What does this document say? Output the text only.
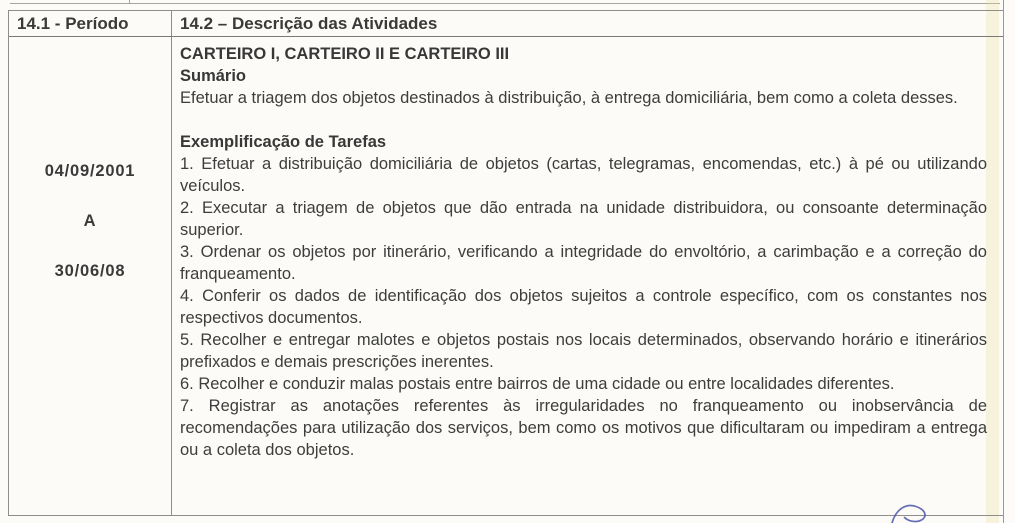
14.1 - Período	14.2 – Descrição das Atividades
04/09/2001
A
30/06/08

CARTEIRO I, CARTEIRO II E CARTEIRO III

Sumário

Efetuar a triagem dos objetos destinados à distribuição, à entrega domiciliária, bem como a coleta desses.

Exemplificação de Tarefas

1. Efetuar a distribuição domiciliária de objetos (cartas, telegramas, encomendas, etc.) à pé ou utilizando veículos.

2. Executar a triagem de objetos que dão entrada na unidade distribuidora, ou consoante determinação superior.

3. Ordenar os objetos por itinerário, verificando a integridade do envoltório, a carimbação e a correção do franqueamento.

4. Conferir os dados de identificação dos objetos sujeitos a controle específico, com os constantes nos respectivos documentos.

5. Recolher e entregar malotes e objetos postais nos locais determinados, observando horário e itinerários prefixados e demais prescrições inerentes.

6. Recolher e conduzir malas postais entre bairros de uma cidade ou entre localidades diferentes.

7. Registrar as anotações referentes às irregularidades no franqueamento ou inobservância de recomendações para utilização dos serviços, bem como os motivos que dificultaram ou impediram a entrega ou a coleta dos objetos.
